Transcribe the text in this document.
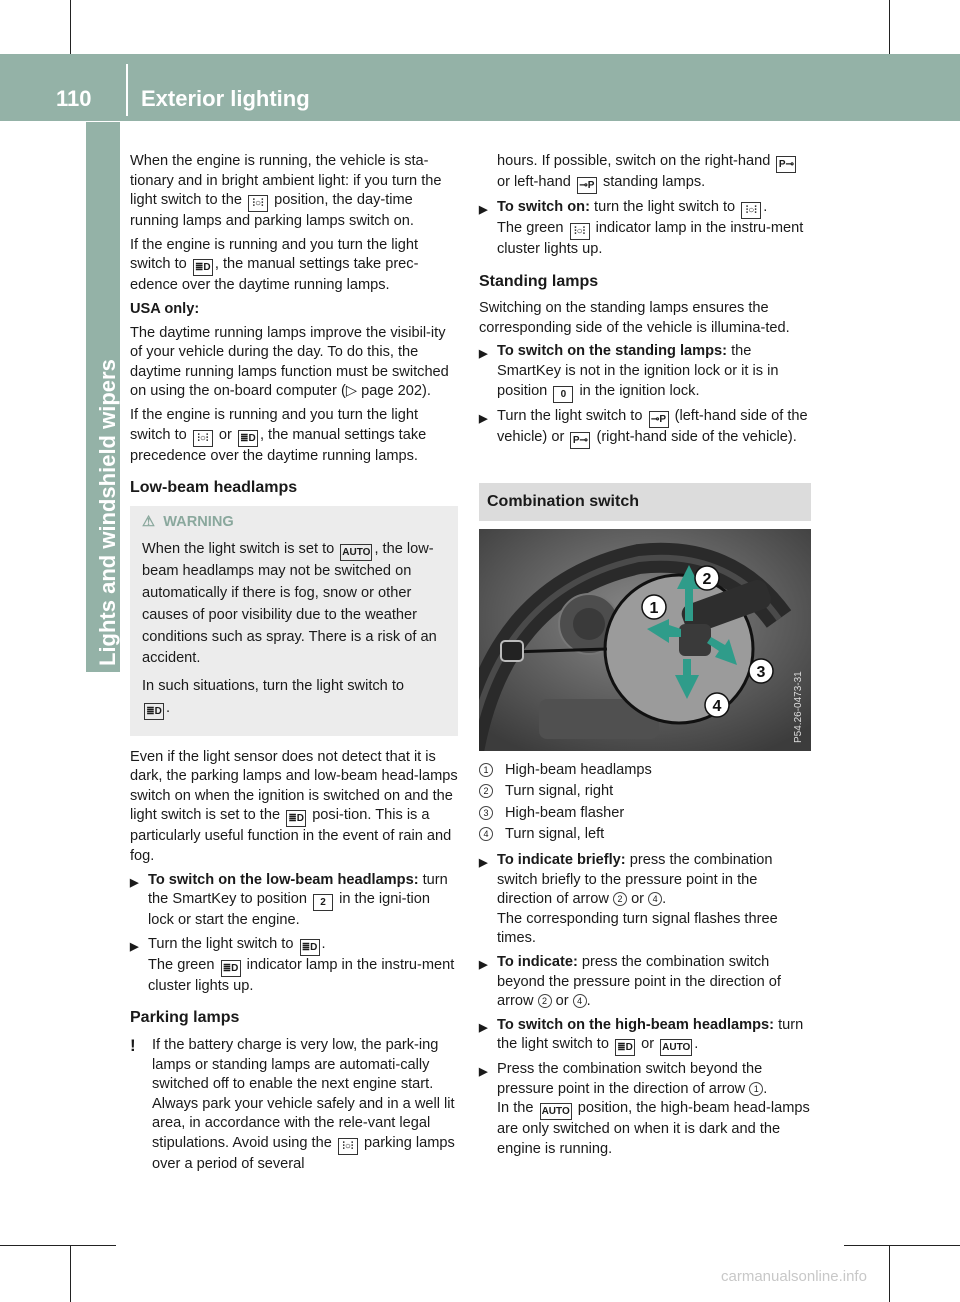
110 Exterior lighting
Lights and windshield wipers

When the engine is running, the vehicle is sta-tionary and in bright ambient light: if you turn the light switch to the ⫶○⫶ position, the day-time running lamps and parking lamps switch on.

If the engine is running and you turn the light switch to ≣D , the manual settings take prec-edence over the daytime running lamps.

USA only:

The daytime running lamps improve the visibil-ity of your vehicle during the day. To do this, the daytime running lamps function must be switched on using the on-board computer (▷ page 202).

If the engine is running and you turn the light switch to ⫶○⫶ or ≣D , the manual settings take precedence over the daytime running lamps.

Low-beam headlamps
⚠ WARNING

When the light switch is set to AUTO , the low-beam headlamps may not be switched on automatically if there is fog, snow or other causes of poor visibility due to the weather conditions such as spray. There is a risk of an accident.

In such situations, turn the light switch to
≣D .

Even if the light sensor does not detect that it is dark, the parking lamps and low-beam head-lamps switch on when the ignition is switched on and the light switch is set to the ≣D posi-tion. This is a particularly useful function in the event of rain and fog.

▶ To switch on the low-beam headlamps: turn the SmartKey to position 2 in the igni-tion lock or start the engine.
▶ Turn the light switch to ≣D .
The green ≣D indicator lamp in the instru-ment cluster lights up.
Parking lamps
!	If the battery charge is very low, the park-ing lamps or standing lamps are automati-cally switched off to enable the next engine start. Always park your vehicle safely and in a well lit area, in accordance with the rele-vant legal stipulations. Avoid using the ⫶○⫶ parking lamps over a period of several

hours. If possible, switch on the right-hand P⊸ or left-hand ⊸P standing lamps.

▶ To switch on: turn the light switch to ⫶○⫶ .
The green ⫶○⫶ indicator lamp in the instru-ment cluster lights up.
Standing lamps

Switching on the standing lamps ensures the corresponding side of the vehicle is illumina-ted.

▶ To switch on the standing lamps: the SmartKey is not in the ignition lock or it is in position 0 in the ignition lock.
▶ Turn the light switch to ⊸P (left-hand side of the vehicle) or P⊸ (right-hand side of the vehicle).
Combination switch
1
2
3
4	P54.26-0473-31
1	High-beam headlamps
2	Turn signal, right
3	High-beam flasher
4	Turn signal, left
▶ To indicate briefly: press the combination switch briefly to the pressure point in the direction of arrow 2 or 4 .
The corresponding turn signal flashes three times.
▶ To indicate: press the combination switch beyond the pressure point in the direction of arrow 2 or 4 .
▶ To switch on the high-beam headlamps: turn the light switch to ≣D or AUTO .
▶ Press the combination switch beyond the pressure point in the direction of arrow 1 .
In the AUTO position, the high-beam head-lamps are only switched on when it is dark and the engine is running.
carmanualsonline.info
